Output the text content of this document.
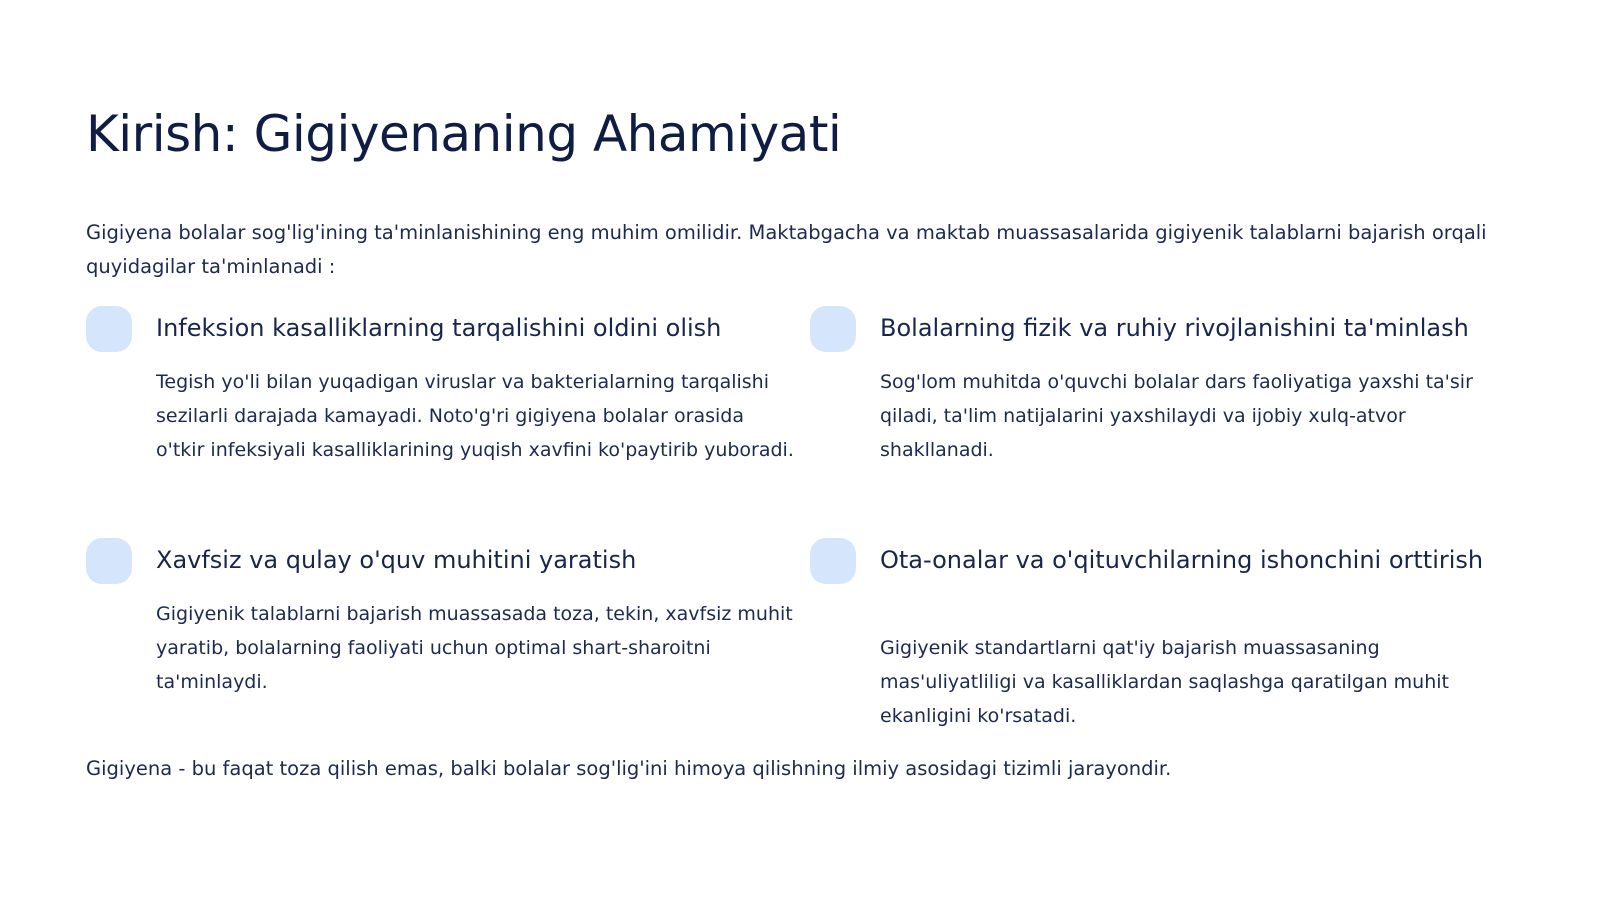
Kirish: Gigiyenaning Ahamiyati

Gigiyena bolalar sog'lig'ining ta'minlanishining eng muhim omilidir. Maktabgacha va maktab muassasalarida gigiyenik talablarni bajarish orqali quyidagilar ta'minlanadi :

Infeksion kasalliklarning tarqalishini oldini olish

Tegish yo'li bilan yuqadigan viruslar va bakterialarning tarqalishi sezilarli darajada kamayadi. Noto'g'ri gigiyena bolalar orasida o'tkir infeksiyali kasalliklarining yuqish xavfini ko'paytirib yuboradi.

Bolalarning fizik va ruhiy rivojlanishini ta'minlash

Sog'lom muhitda o'quvchi bolalar dars faoliyatiga yaxshi ta'sir qiladi, ta'lim natijalarini yaxshilaydi va ijobiy xulq-atvor shakllanadi.

Xavfsiz va qulay o'quv muhitini yaratish

Gigiyenik talablarni bajarish muassasada toza, tekin, xavfsiz muhit yaratib, bolalarning faoliyati uchun optimal shart-sharoitni ta'minlaydi.

Ota-onalar va o'qituvchilarning ishonchini orttirish

Gigiyenik standartlarni qat'iy bajarish muassasaning mas'uliyatliligi va kasalliklardan saqlashga qaratilgan muhit ekanligini ko'rsatadi.

Gigiyena - bu faqat toza qilish emas, balki bolalar sog'lig'ini himoya qilishning ilmiy asosidagi tizimli jarayondir.
